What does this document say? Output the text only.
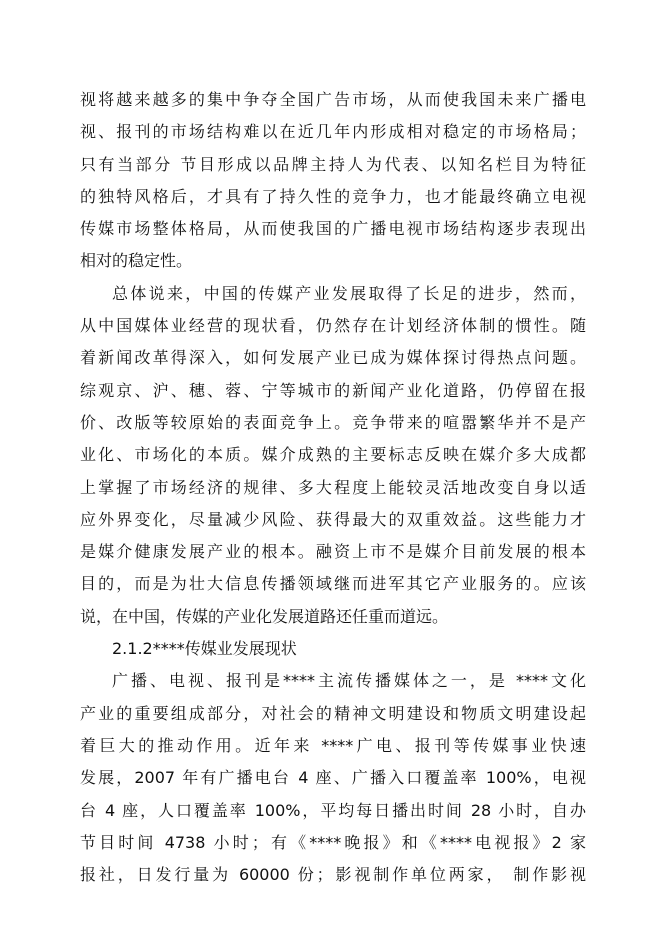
视将越来越多的集中争夺全国广告市场，从而使我国未来广播电
视、报刊的市场结构难以在近几年内形成相对稳定的市场格局；
只有当部分 节目形成以品牌主持人为代表、以知名栏目为特征
的独特风格后，才具有了持久性的竞争力，也才能最终确立电视
传媒市场整体格局，从而使我国的广播电视市场结构逐步表现出
相对的稳定性。
总体说来，中国的传媒产业发展取得了长足的进步，然而，
从中国媒体业经营的现状看，仍然存在计划经济体制的惯性。随
着新闻改革得深入，如何发展产业已成为媒体探讨得热点问题。
综观京、沪、穗、蓉、宁等城市的新闻产业化道路，仍停留在报
价、改版等较原始的表面竞争上。竞争带来的喧嚣繁华并不是产
业化、市场化的本质。媒介成熟的主要标志反映在媒介多大成都
上掌握了市场经济的规律、多大程度上能较灵活地改变自身以适
应外界变化，尽量减少风险、获得最大的双重效益。这些能力才
是媒介健康发展产业的根本。融资上市不是媒介目前发展的根本
目的，而是为壮大信息传播领域继而进军其它产业服务的。应该
说，在中国，传媒的产业化发展道路还任重而道远。
2.1.2****传媒业发展现状
广播、电视、报刊是****主流传播媒体之一，是 ****文化
产业的重要组成部分，对社会的精神文明建设和物质文明建设起
着巨大的推动作用。近年来 ****广电、报刊等传媒事业快速
发展，2007 年有广播电台 4 座、广播入口覆盖率 100%，电视
台 4 座，人口覆盖率 100%，平均每日播出时间 28 小时，自办
节目时间 4738 小时；有《****晚报》和《****电视报》2 家
报社，日发行量为 60000 份；影视制作单位两家， 制作影视
